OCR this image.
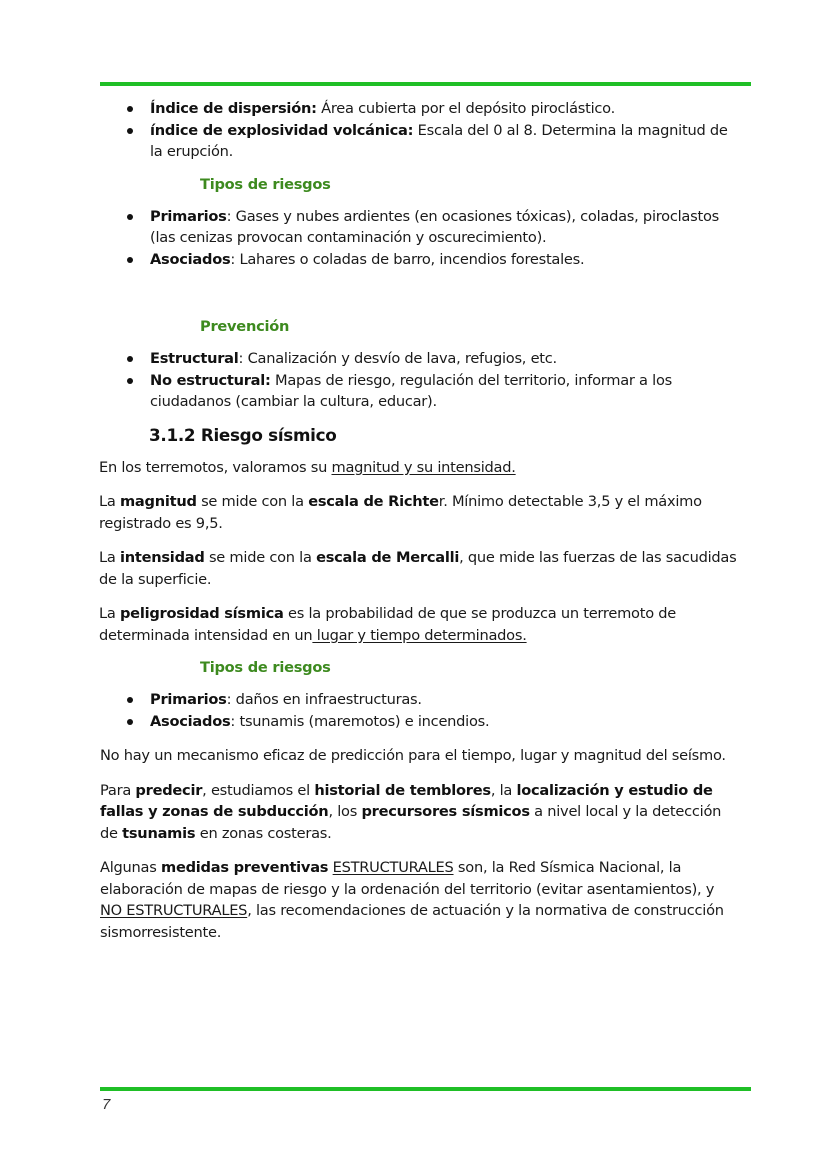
Índice de dispersión: Área cubierta por el depósito piroclástico.
índice de explosividad volcánica: Escala del 0 al 8. Determina la magnitud de la erupción.
Tipos de riesgos
Primarios: Gases y nubes ardientes (en ocasiones tóxicas), coladas, piroclastos (las cenizas provocan contaminación y oscurecimiento).
Asociados: Lahares o coladas de barro, incendios forestales.
Prevención
Estructural: Canalización y desvío de lava, refugios, etc.
No estructural: Mapas de riesgo, regulación del territorio, informar a los ciudadanos (cambiar la cultura, educar).
3.1.2 Riesgo sísmico

En los terremotos, valoramos su magnitud y su intensidad.

La magnitud se mide con la escala de Richter. Mínimo detectable 3,5 y el máximo registrado es 9,5.

La intensidad se mide con la escala de Mercalli, que mide las fuerzas de las sacudidas de la superficie.

La peligrosidad sísmica es la probabilidad de que se produzca un terremoto de determinada intensidad en un lugar y tiempo determinados.

Tipos de riesgos
Primarios: daños en infraestructuras.
Asociados: tsunamis (maremotos) e incendios.

No hay un mecanismo eficaz de predicción para el tiempo, lugar y magnitud del seísmo.

Para predecir, estudiamos el historial de temblores, la localización y estudio de fallas y zonas de subducción, los precursores sísmicos a nivel local y la detección de tsunamis en zonas costeras.

Algunas medidas preventivas ESTRUCTURALES son, la Red Sísmica Nacional, la elaboración de mapas de riesgo y la ordenación del territorio (evitar asentamientos), y NO ESTRUCTURALES, las recomendaciones de actuación y la normativa de construcción sismorresistente.

7
